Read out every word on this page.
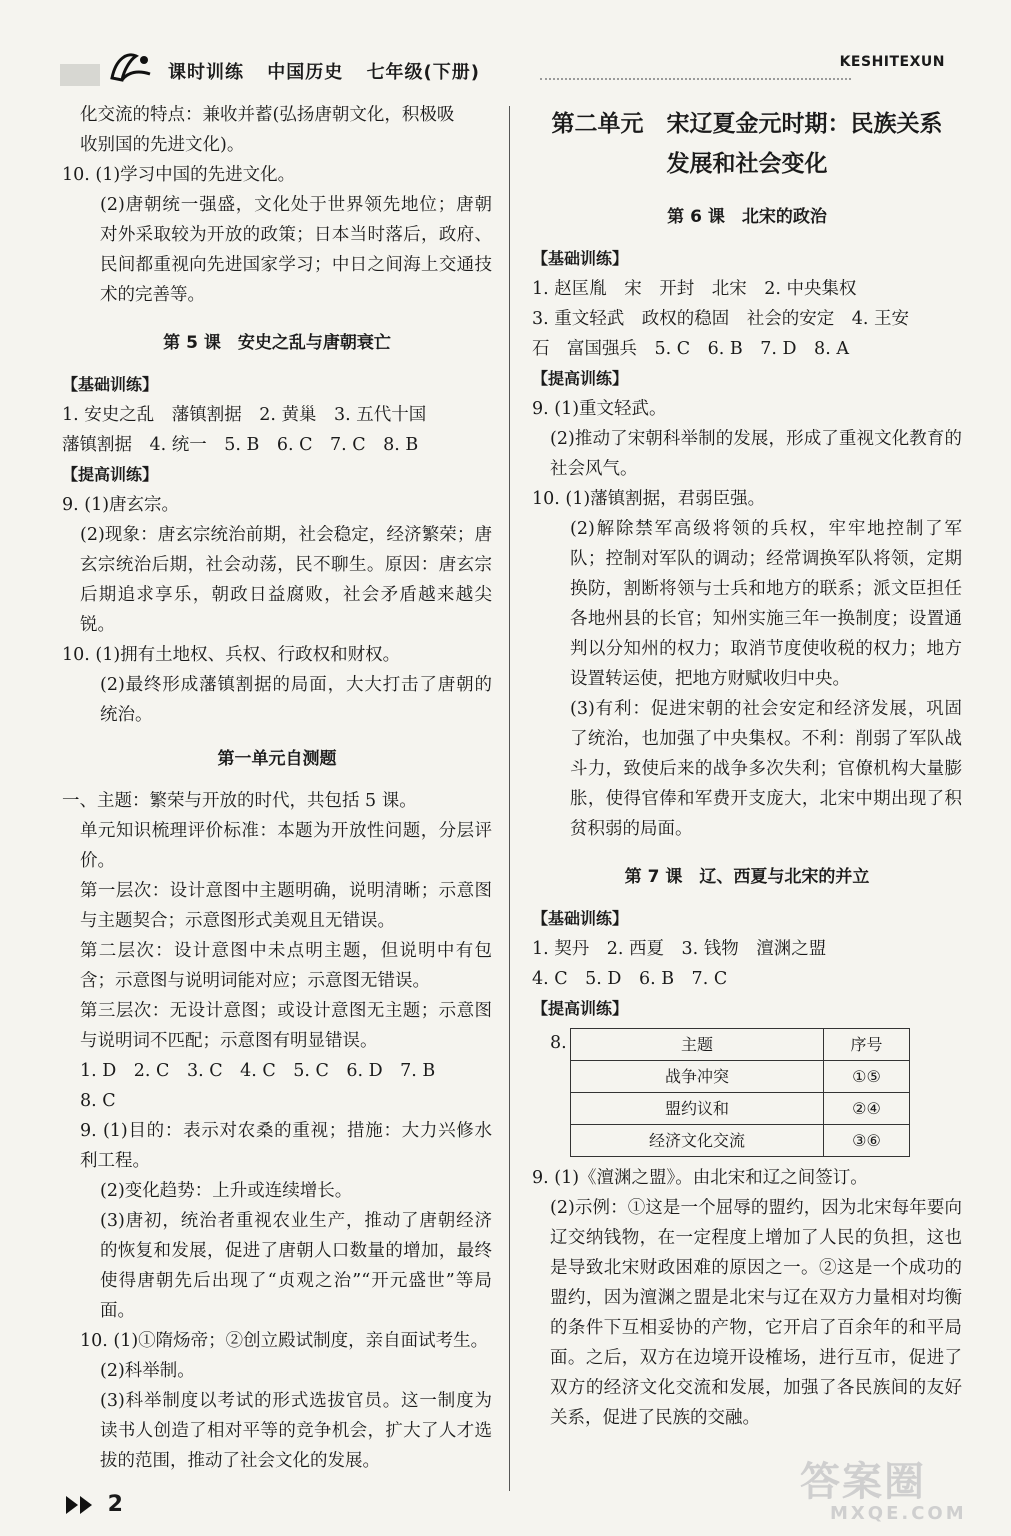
课时训练 中国历史 七年级(下册)	KESHITEXUN

化交流的特点：兼收并蓄(弘扬唐朝文化，积极吸

收别国的先进文化)。

10. (1)学习中国的先进文化。

(2)唐朝统一强盛，文化处于世界领先地位；唐朝对外采取较为开放的政策；日本当时落后，政府、民间都重视向先进国家学习；中日之间海上交通技术的完善等。

第 5 课　安史之乱与唐朝衰亡

【基础训练】

1. 安史之乱　藩镇割据　2. 黄巢　3. 五代十国

藩镇割据　4. 统一　5. B　6. C　7. C　8. B

【提高训练】

9. (1)唐玄宗。

(2)现象：唐玄宗统治前期，社会稳定，经济繁荣；唐玄宗统治后期，社会动荡，民不聊生。原因：唐玄宗后期追求享乐，朝政日益腐败，社会矛盾越来越尖锐。

10. (1)拥有土地权、兵权、行政权和财权。

(2)最终形成藩镇割据的局面，大大打击了唐朝的统治。

第一单元自测题

一、主题：繁荣与开放的时代，共包括 5 课。

单元知识梳理评价标准：本题为开放性问题，分层评价。

第一层次：设计意图中主题明确，说明清晰；示意图与主题契合；示意图形式美观且无错误。

第二层次：设计意图中未点明主题，但说明中有包含；示意图与说明词能对应；示意图无错误。

第三层次：无设计意图；或设计意图无主题；示意图与说明词不匹配；示意图有明显错误。

1. D　2. C　3. C　4. C　5. C　6. D　7. B

8. C

9. (1)目的：表示对农桑的重视；措施：大力兴修水利工程。

(2)变化趋势：上升或连续增长。

(3)唐初，统治者重视农业生产，推动了唐朝经济的恢复和发展，促进了唐朝人口数量的增加，最终使得唐朝先后出现了“贞观之治”“开元盛世”等局面。

10. (1)①隋炀帝；②创立殿试制度，亲自面试考生。

(2)科举制。

(3)科举制度以考试的形式选拔官员。这一制度为读书人创造了相对平等的竞争机会，扩大了人才选拔的范围，推动了社会文化的发展。

第二单元　宋辽夏金元时期：民族关系
发展和社会变化
第 6 课　北宋的政治

【基础训练】

1. 赵匡胤　宋　开封　北宋　2. 中央集权

3. 重文轻武　政权的稳固　社会的安定　4. 王安

石　富国强兵　5. C　6. B　7. D　8. A

【提高训练】

9. (1)重文轻武。

(2)推动了宋朝科举制的发展，形成了重视文化教育的社会风气。

10. (1)藩镇割据，君弱臣强。

(2)解除禁军高级将领的兵权，牢牢地控制了军队；控制对军队的调动；经常调换军队将领，定期换防，割断将领与士兵和地方的联系；派文臣担任各地州县的长官；知州实施三年一换制度；设置通判以分知州的权力；取消节度使收税的权力；地方设置转运使，把地方财赋收归中央。

(3)有利：促进宋朝的社会安定和经济发展，巩固了统治，也加强了中央集权。不利：削弱了军队战斗力，致使后来的战争多次失利；官僚机构大量膨胀，使得官俸和军费开支庞大，北宋中期出现了积贫积弱的局面。

第 7 课　辽、西夏与北宋的并立

【基础训练】

1. 契丹　2. 西夏　3. 钱物　澶渊之盟

4. C　5. D　6. B　7. C

【提高训练】

8.	主题	序号
战争冲突	①⑤
盟约议和	②④
经济文化交流	③⑥

9. (1)《澶渊之盟》。由北宋和辽之间签订。

(2)示例：①这是一个屈辱的盟约，因为北宋每年要向辽交纳钱物，在一定程度上增加了人民的负担，这也是导致北宋财政困难的原因之一。②这是一个成功的盟约，因为澶渊之盟是北宋与辽在双方力量相对均衡的条件下互相妥协的产物，它开启了百余年的和平局面。之后，双方在边境开设榷场，进行互市，促进了双方的经济文化交流和发展，加强了各民族间的友好关系，促进了民族的交融。

2	答案圈
MXQE.COM
